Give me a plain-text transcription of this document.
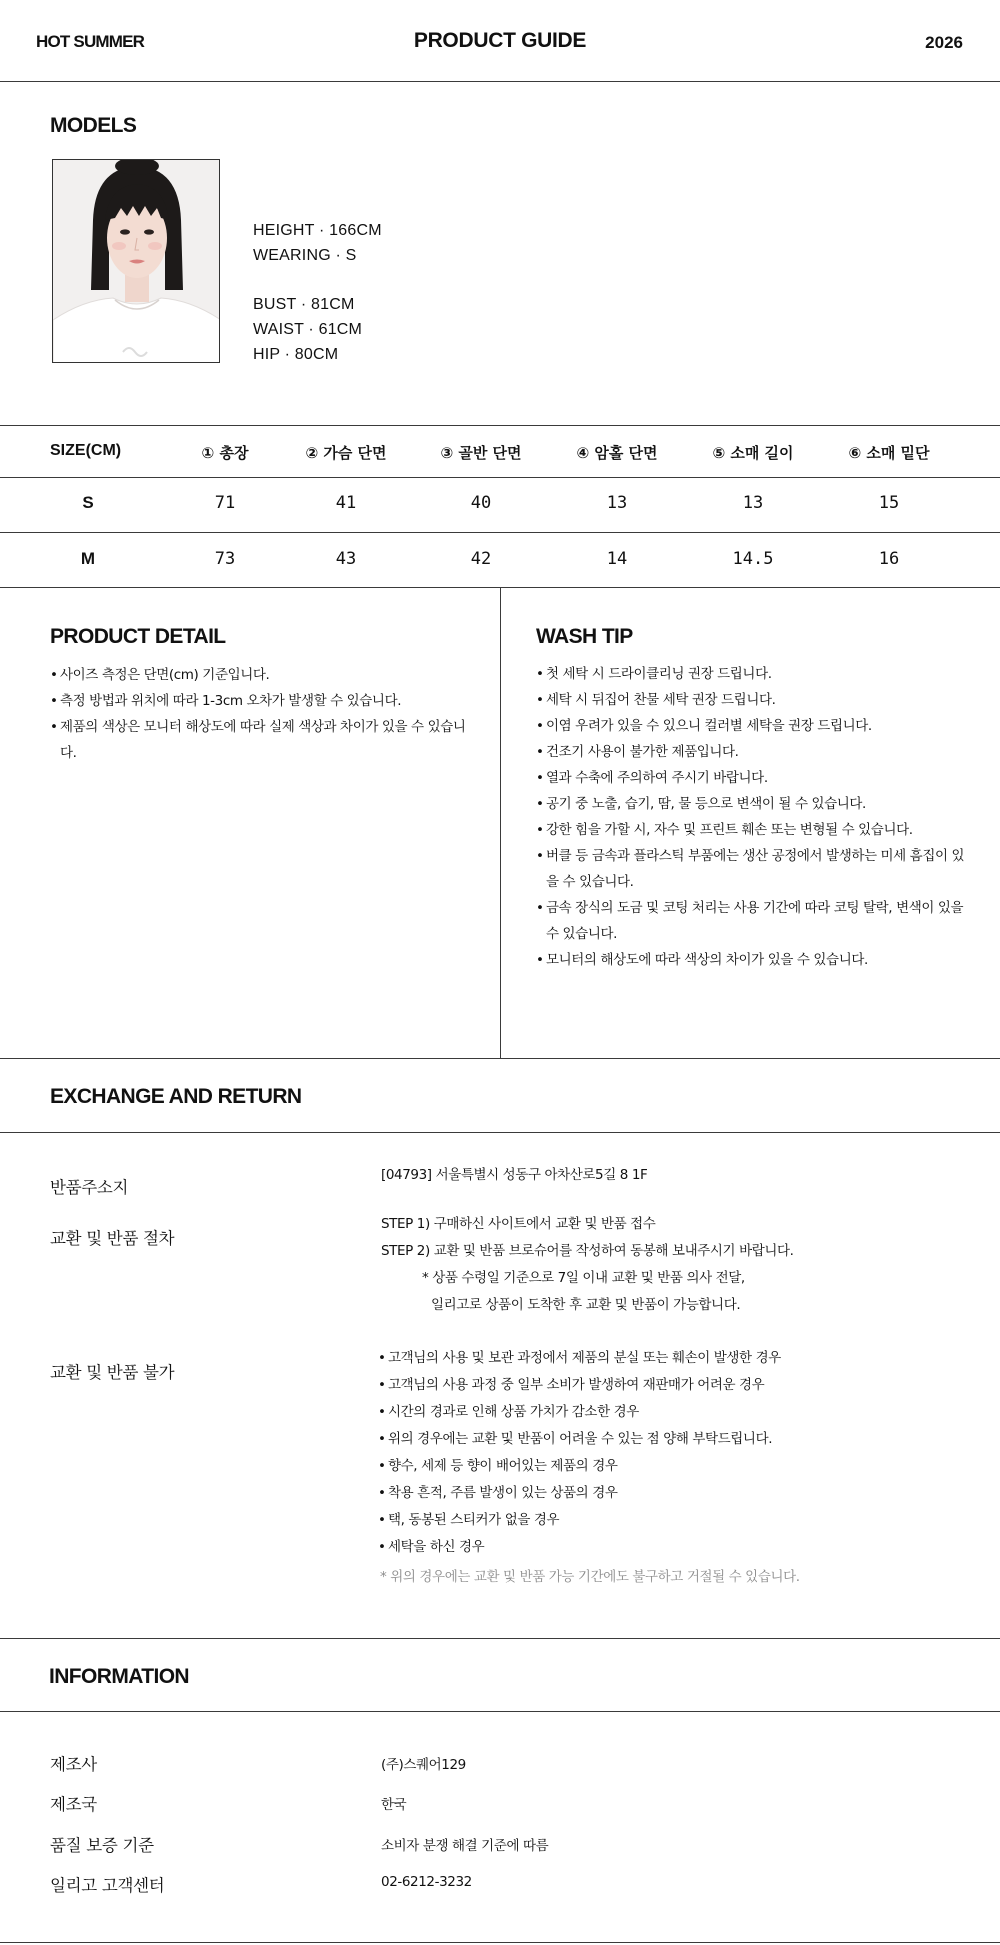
HOT SUMMER	PRODUCT GUIDE	2026
MODELS
HEIGHT · 166CM
WEARING · S
BUST · 81CM
WAIST · 61CM
HIP · 80CM
SIZE(CM)	① 총장	② 가슴 단면	③ 골반 단면	④ 암홀 단면	⑤ 소매 길이	⑥ 소매 밑단
S	71	41	40	13	13	15
M	73	43	42	14	14.5	16
PRODUCT DETAIL
• 사이즈 측정은 단면(cm) 기준입니다.
• 측정 방법과 위치에 따라 1-3cm 오차가 발생할 수 있습니다.
• 제품의 색상은 모니터 해상도에 따라 실제 색상과 차이가 있을 수 있습니다.
WASH TIP
• 첫 세탁 시 드라이클리닝 권장 드립니다.
• 세탁 시 뒤집어 찬물 세탁 권장 드립니다.
• 이염 우려가 있을 수 있으니 컬러별 세탁을 권장 드립니다.
• 건조기 사용이 불가한 제품입니다.
• 열과 수축에 주의하여 주시기 바랍니다.
• 공기 중 노출, 습기, 땀, 물 등으로 변색이 될 수 있습니다.
• 강한 힘을 가할 시, 자수 및 프린트 훼손 또는 변형될 수 있습니다.
• 버클 등 금속과 플라스틱 부품에는 생산 공정에서 발생하는 미세 흠집이 있을 수 있습니다.
• 금속 장식의 도금 및 코팅 처리는 사용 기간에 따라 코팅 탈락, 변색이 있을 수 있습니다.
• 모니터의 해상도에 따라 색상의 차이가 있을 수 있습니다.
EXCHANGE AND RETURN
반품주소지
[04793] 서울특별시 성동구 아차산로5길 8 1F
교환 및 반품 절차
STEP 1) 구매하신 사이트에서 교환 및 반품 접수
STEP 2) 교환 및 반품 브로슈어를 작성하여 동봉해 보내주시기 바랍니다.
* 상품 수령일 기준으로 7일 이내 교환 및 반품 의사 전달,
일리고로 상품이 도착한 후 교환 및 반품이 가능합니다.
교환 및 반품 불가
• 고객님의 사용 및 보관 과정에서 제품의 분실 또는 훼손이 발생한 경우
• 고객님의 사용 과정 중 일부 소비가 발생하여 재판매가 어려운 경우
• 시간의 경과로 인해 상품 가치가 감소한 경우
• 위의 경우에는 교환 및 반품이 어려울 수 있는 점 양해 부탁드립니다.
• 향수, 세제 등 향이 배어있는 제품의 경우
• 착용 흔적, 주름 발생이 있는 상품의 경우
• 택, 동봉된 스티커가 없을 경우
• 세탁을 하신 경우
* 위의 경우에는 교환 및 반품 가능 기간에도 불구하고 거절될 수 있습니다.
INFORMATION
제조사	(주)스퀘어129
제조국	한국
품질 보증 기준	소비자 분쟁 해결 기준에 따름
일리고 고객센터	02-6212-3232
